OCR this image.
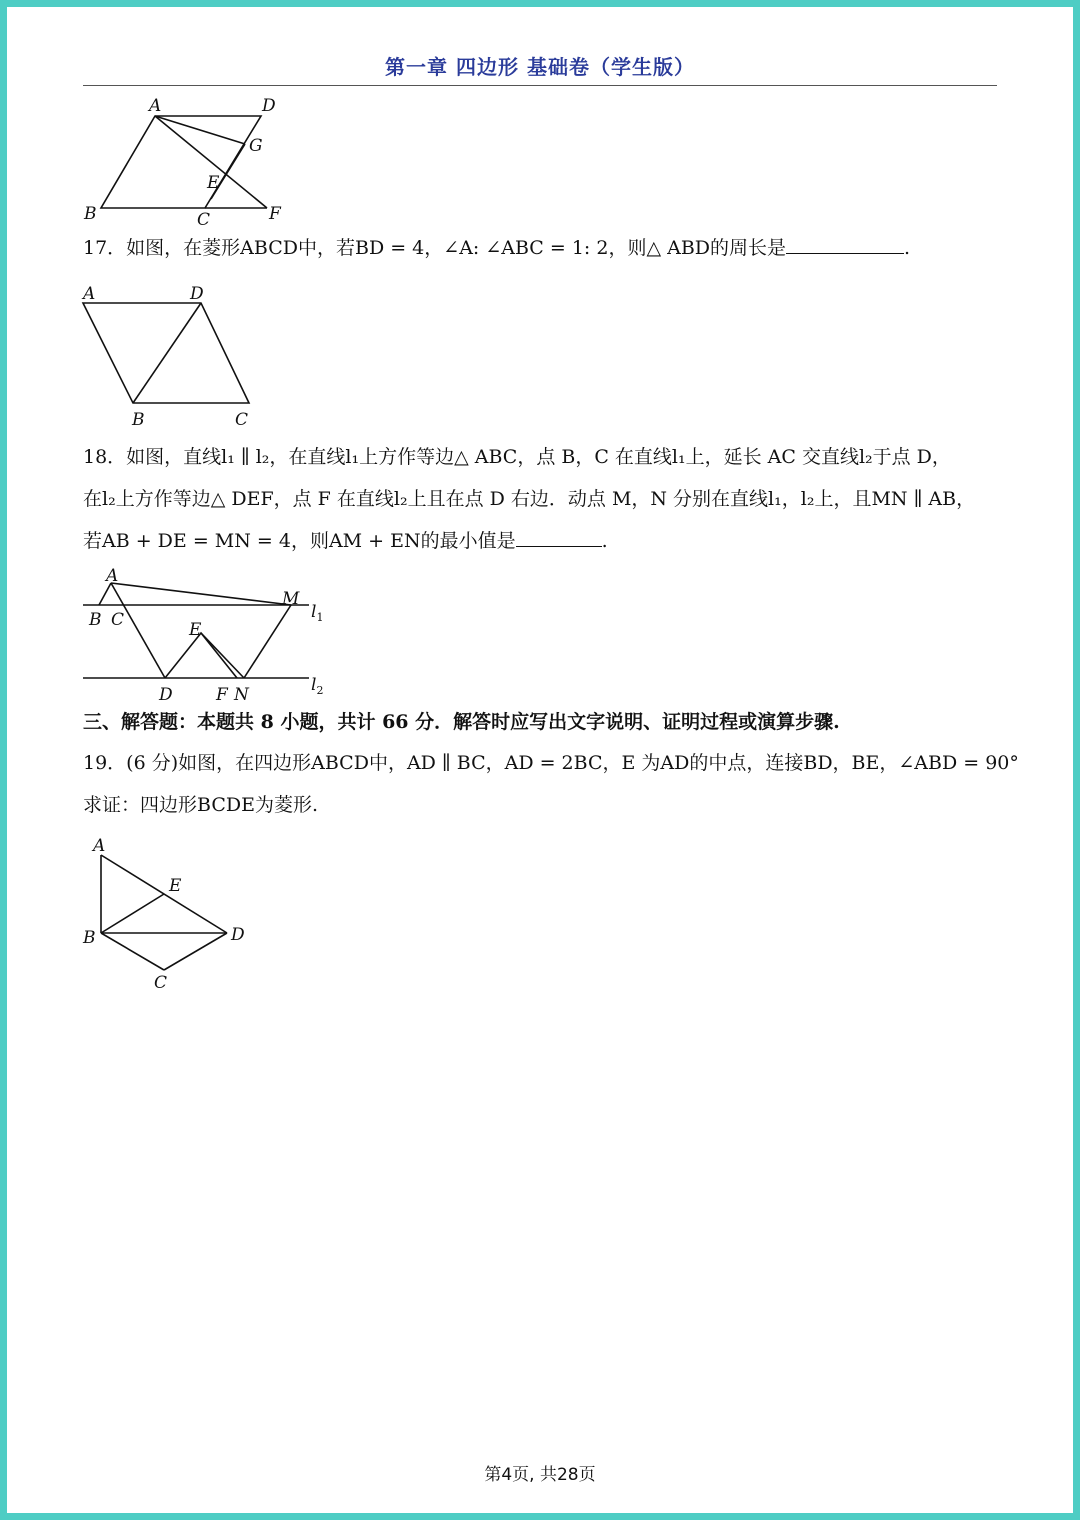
第一章 四边形 基础卷（学生版）
A	D
G
E
B	C	F
17．如图，在菱形ABCD中，若BD = 4，∠A: ∠ABC = 1: 2，则△ ABD的周长是	.
A	D
B	C
18．如图，直线l₁ ∥ l₂，在直线l₁上方作等边△ ABC，点 B，C 在直线l₁上，延长 AC 交直线l₂于点 D，
在l₂上方作等边△ DEF，点 F 在直线l₂上且在点 D 右边．动点 M，N 分别在直线l₁，l₂上，且MN ∥ AB，
若AB + DE = MN = 4，则AM + EN的最小值是	.
A
B C
M
$l_1$
E
D	F N	$l_2$
三、解答题：本题共 8 小题，共计 66 分．解答时应写出文字说明、证明过程或演算步骤.
19．(6 分)如图，在四边形ABCD中，AD ∥ BC，AD = 2BC，E 为AD的中点，连接BD，BE，∠ABD = 90°
求证：四边形BCDE为菱形.
A
E
B	D
C
第4页, 共28页
